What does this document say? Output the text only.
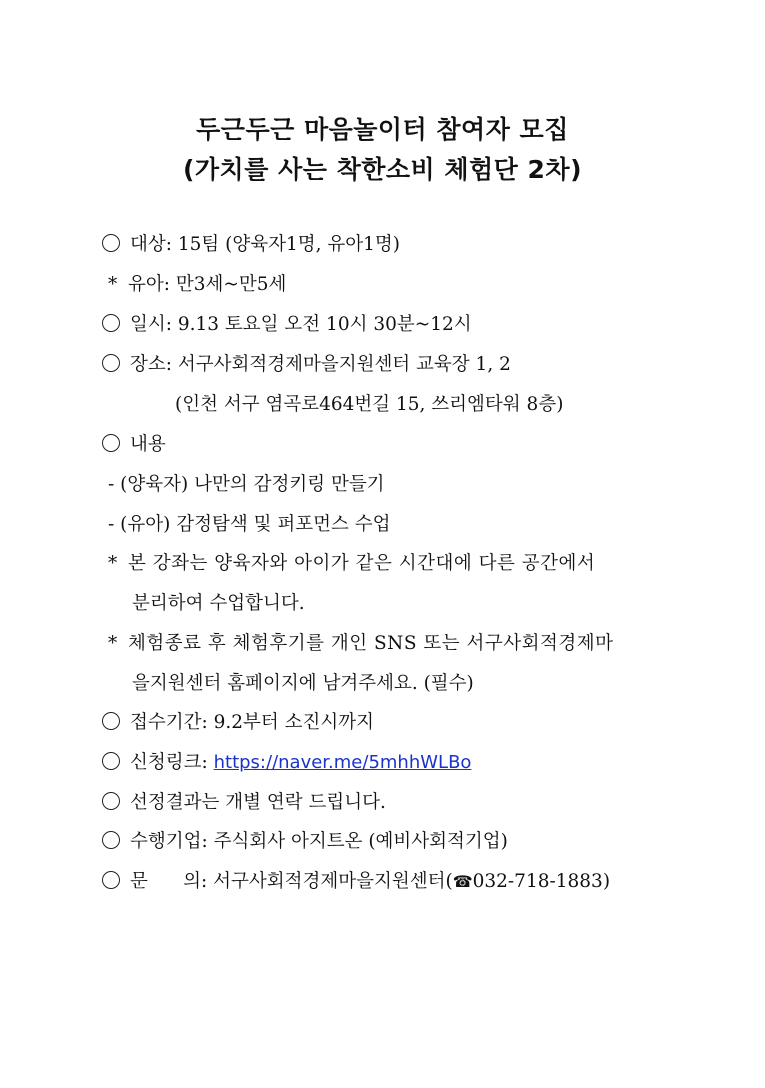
두근두근 마음놀이터 참여자 모집
(가치를 사는 착한소비 체험단 2차)
대상: 15팀 (양육자1명, 유아1명)
* 유아: 만3세~만5세
일시: 9.13 토요일 오전 10시 30분~12시
장소: 서구사회적경제마을지원센터 교육장 1, 2
(인천 서구 염곡로464번길 15, 쓰리엠타워 8층)
내용
- (양육자) 나만의 감정키링 만들기
- (유아) 감정탐색 및 퍼포먼스 수업
* 본 강좌는 양육자와 아이가 같은 시간대에 다른 공간에서
분리하여 수업합니다.
* 체험종료 후 체험후기를 개인 SNS 또는 서구사회적경제마
을지원센터 홈페이지에 남겨주세요. (필수)
접수기간: 9.2부터 소진시까지
신청링크: https://naver.me/5mhhWLBo
선정결과는 개별 연락 드립니다.
수행기업: 주식회사 아지트온 (예비사회적기업)
문      의: 서구사회적경제마을지원센터(☎032-718-1883)
